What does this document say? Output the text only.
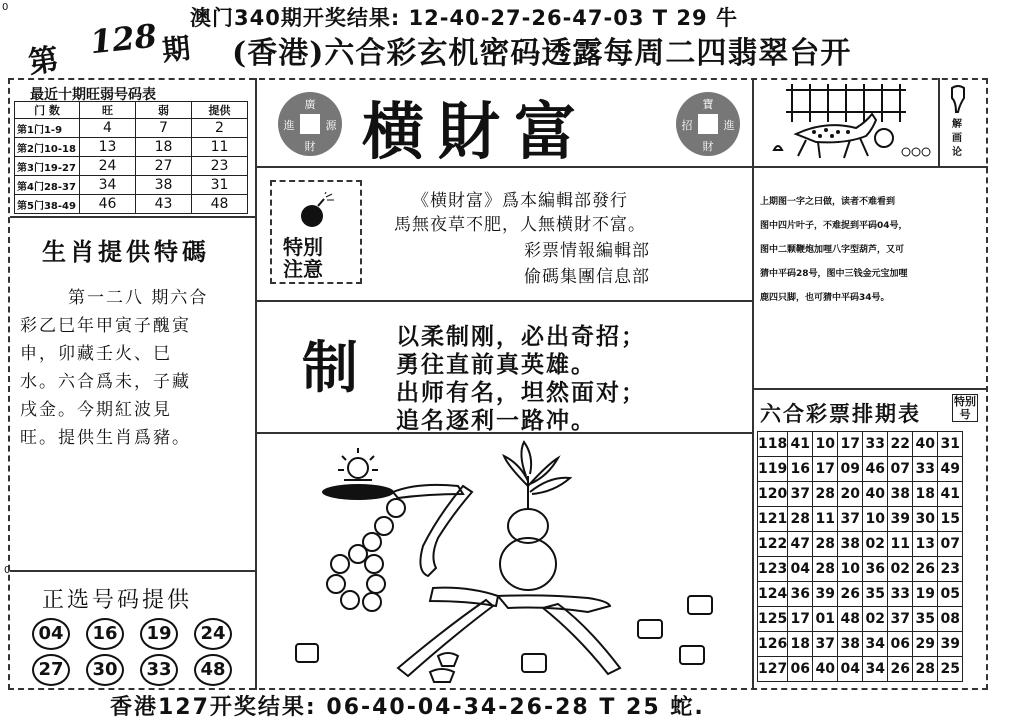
0
0
澳门340期开奖结果: 12-40-27-26-47-03 T 29 牛
第
128 期 (香港)六合彩玄机密码透露每周二四翡翠台开
最近十期旺弱号码表
门 数	旺	弱	提供
第1门1-9	4	7	2
第2门10-18	13	18	11
第3门19-27	24	27	23
第4门28-37	34	38	31
第5门38-49	46	43	48
生肖提供特碼
第一二八 期六合
彩乙巳年甲寅子醜寅
申，卯藏壬火、巳
水。六合爲未，子藏
戌金。今期紅波見
旺。提供生肖爲豬。
正选号码提供
04	16	19	24
27	30	33	48
廣
進	源
財 横財富	寶
招	進
財
特別
注意
《横財富》爲本編輯部發行
馬無夜草不肥，人無横財不富。
彩票情報編輯部
偷碼集團信息部
制 以柔制刚，必出奇招；
勇往直前真英雄。
出师有名，坦然面对；
追名逐利一路冲。
解画论
上期图一字之曰做，读者不难看到
图中四片叶子，不难捉到平码04号，
图中二颗鞭炮加哩八字型葫芦，又可
猜中平码28号，图中三钱金元宝加哩
鹿四只脚，也可猜中平码34号。
六合彩票排期表
特别号
118	41	10	17	33	22	40	31
119	16	17	09	46	07	33	49
120	37	28	20	40	38	18	41
121	28	11	37	10	39	30	15
122	47	28	38	02	11	13	07
123	04	28	10	36	02	26	23
124	36	39	26	35	33	19	05
125	17	01	48	02	37	35	08
126	18	37	38	34	06	29	39
127	06	40	04	34	26	28	25
香港127开奖结果: 06-40-04-34-26-28 T 25 蛇.
